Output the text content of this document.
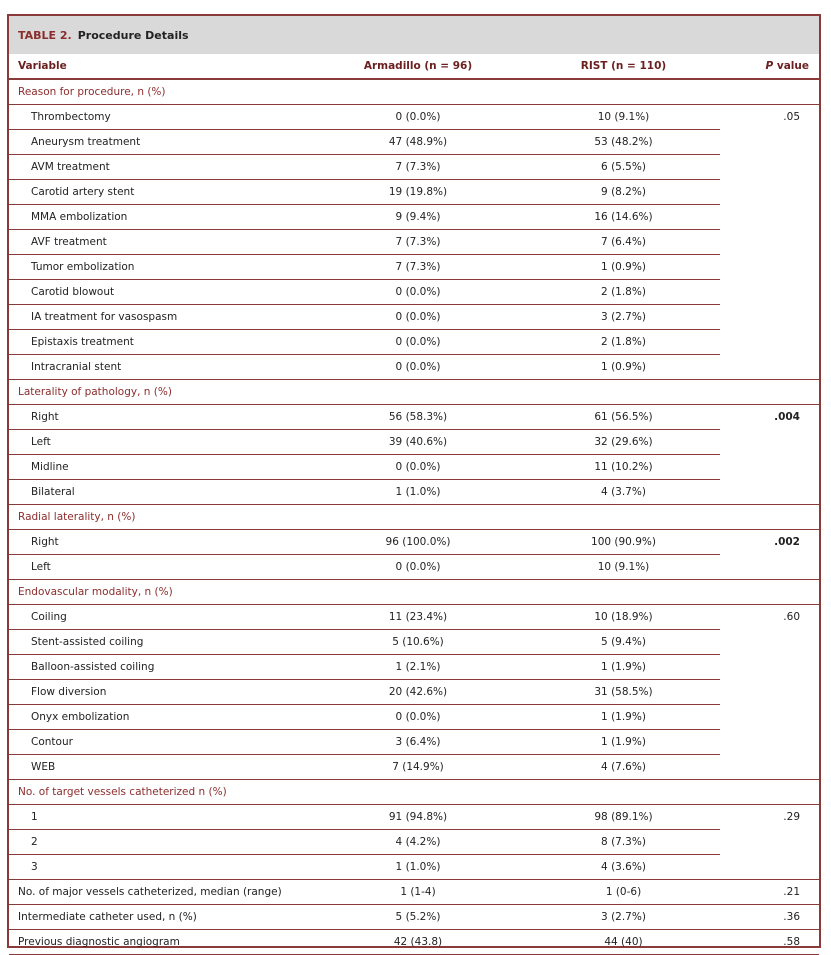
TABLE 2. Procedure Details
Variable	Armadillo (n = 96)	RIST (n = 110)	P value
Reason for procedure, n (%)			
Thrombectomy	0 (0.0%)	10 (9.1%)	.05
Aneurysm treatment	47 (48.9%)	53 (48.2%)	
AVM treatment	7 (7.3%)	6 (5.5%)	
Carotid artery stent	19 (19.8%)	9 (8.2%)	
MMA embolization	9 (9.4%)	16 (14.6%)	
AVF treatment	7 (7.3%)	7 (6.4%)	
Tumor embolization	7 (7.3%)	1 (0.9%)	
Carotid blowout	0 (0.0%)	2 (1.8%)	
IA treatment for vasospasm	0 (0.0%)	3 (2.7%)	
Epistaxis treatment	0 (0.0%)	2 (1.8%)	
Intracranial stent	0 (0.0%)	1 (0.9%)	
Laterality of pathology, n (%)			
Right	56 (58.3%)	61 (56.5%)	.004
Left	39 (40.6%)	32 (29.6%)	
Midline	0 (0.0%)	11 (10.2%)	
Bilateral	1 (1.0%)	4 (3.7%)	
Radial laterality, n (%)			
Right	96 (100.0%)	100 (90.9%)	.002
Left	0 (0.0%)	10 (9.1%)	
Endovascular modality, n (%)			
Coiling	11 (23.4%)	10 (18.9%)	.60
Stent-assisted coiling	5 (10.6%)	5 (9.4%)	
Balloon-assisted coiling	1 (2.1%)	1 (1.9%)	
Flow diversion	20 (42.6%)	31 (58.5%)	
Onyx embolization	0 (0.0%)	1 (1.9%)	
Contour	3 (6.4%)	1 (1.9%)	
WEB	7 (14.9%)	4 (7.6%)	
No. of target vessels catheterized n (%)			
1	91 (94.8%)	98 (89.1%)	.29
2	4 (4.2%)	8 (7.3%)	
3	1 (1.0%)	4 (3.6%)	
No. of major vessels catheterized, median (range)	1 (1-4)	1 (0-6)	.21
Intermediate catheter used, n (%)	5 (5.2%)	3 (2.7%)	.36
Previous diagnostic angiogram	42 (43.8)	44 (40)	.58
